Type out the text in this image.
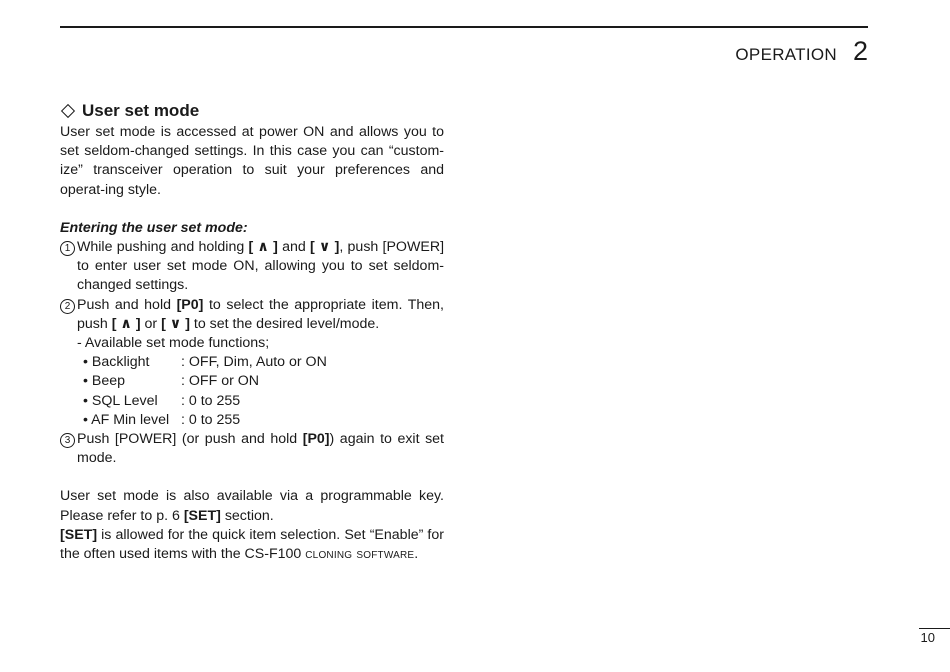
OPERATION 2
User set mode

User set mode is accessed at power ON and allows you to set seldom-changed settings. In this case you can “custom-ize” transceiver operation to suit your preferences and operat-ing style.

Entering the user set mode:

1 While pushing and holding [ ∧ ] and [ ∨ ], push [POWER] to enter user set mode ON, allowing you to set seldom-changed settings.
2 Push and hold [P0] to select the appropriate item. Then, push [ ∧ ] or [ ∨ ] to set the desired level/mode.
- Available set mode functions;
• Backlight	: OFF, Dim, Auto or ON
• Beep	: OFF or ON
• SQL Level	: 0 to 255
• AF Min level : 0 to 255
3 Push [POWER] (or push and hold [P0]) again to exit set mode.

User set mode is also available via a programmable key. Please refer to p. 6 [SET] section.

[SET] is allowed for the quick item selection. Set “Enable” for the often used items with the CS-F100 cloning software.

10
